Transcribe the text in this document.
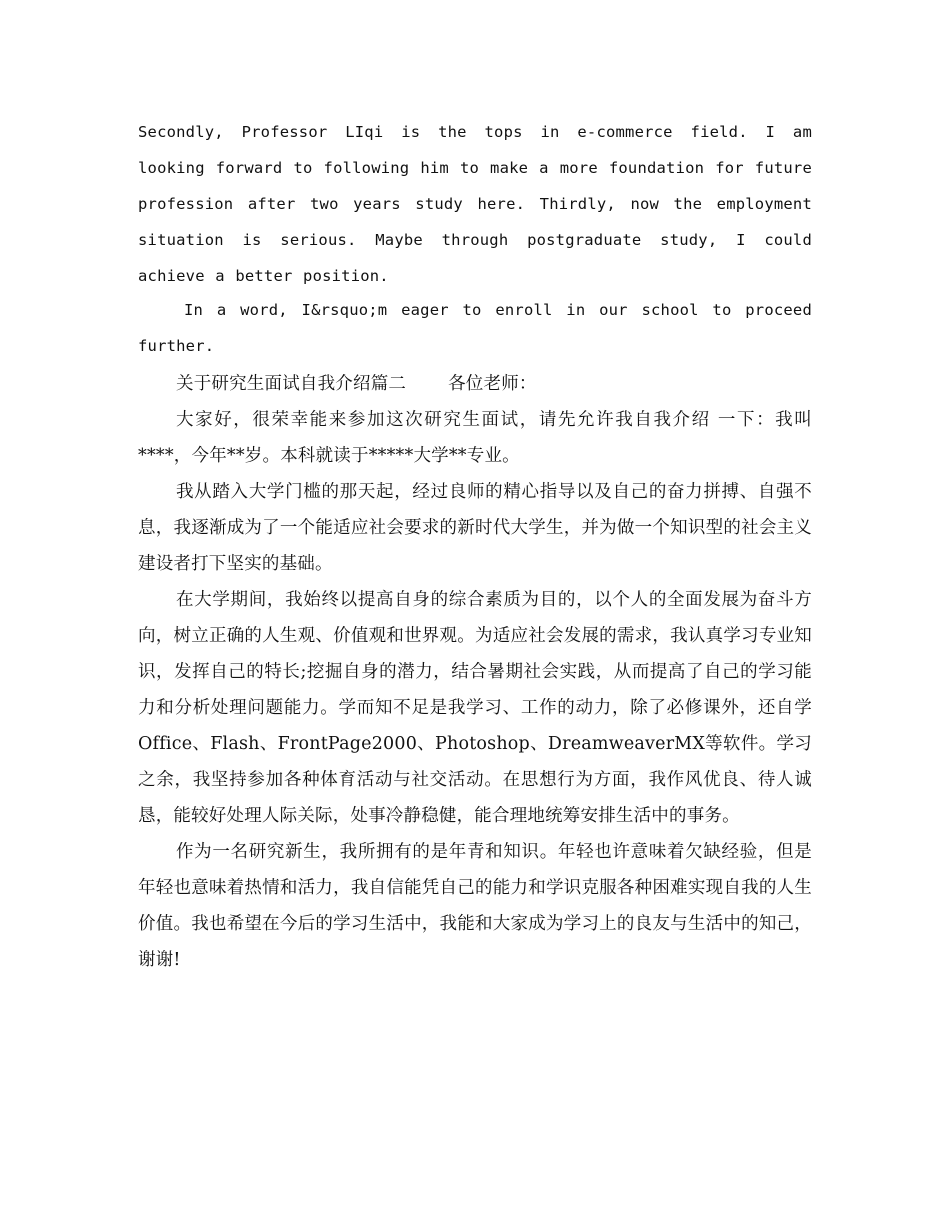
Secondly, Professor LIqi is the tops in e-commerce field. I am looking forward to following him to make a more foundation for future profession after two years study here. Thirdly, now the employment situation is serious. Maybe through postgraduate study, I could achieve a better position.

In a word, I&rsquo;m eager to enroll in our school to proceed further.

关于研究生面试自我介绍篇二 各位老师：

大家好，很荣幸能来参加这次研究生面试，请先允许我自我介绍 一下：我叫****，今年**岁。本科就读于*****大学**专业。

我从踏入大学门槛的那天起，经过良师的精心指导以及自己的奋力拼搏、自强不息，我逐渐成为了一个能适应社会要求的新时代大学生，并为做一个知识型的社会主义建设者打下坚实的基础。

在大学期间，我始终以提高自身的综合素质为目的，以个人的全面发展为奋斗方向，树立正确的人生观、价值观和世界观。为适应社会发展的需求，我认真学习专业知识，发挥自己的特长;挖掘自身的潜力，结合暑期社会实践，从而提高了自己的学习能力和分析处理问题能力。学而知不足是我学习、工作的动力，除了必修课外，还自学Office、Flash、FrontPage2000、Photoshop、DreamweaverMX等软件。学习之余，我坚持参加各种体育活动与社交活动。在思想行为方面，我作风优良、待人诚恳，能较好处理人际关际，处事冷静稳健，能合理地统筹安排生活中的事务。

作为一名研究新生，我所拥有的是年青和知识。年轻也许意味着欠缺经验，但是年轻也意味着热情和活力，我自信能凭自己的能力和学识克服各种困难实现自我的人生价值。我也希望在今后的学习生活中，我能和大家成为学习上的良友与生活中的知己，谢谢!
